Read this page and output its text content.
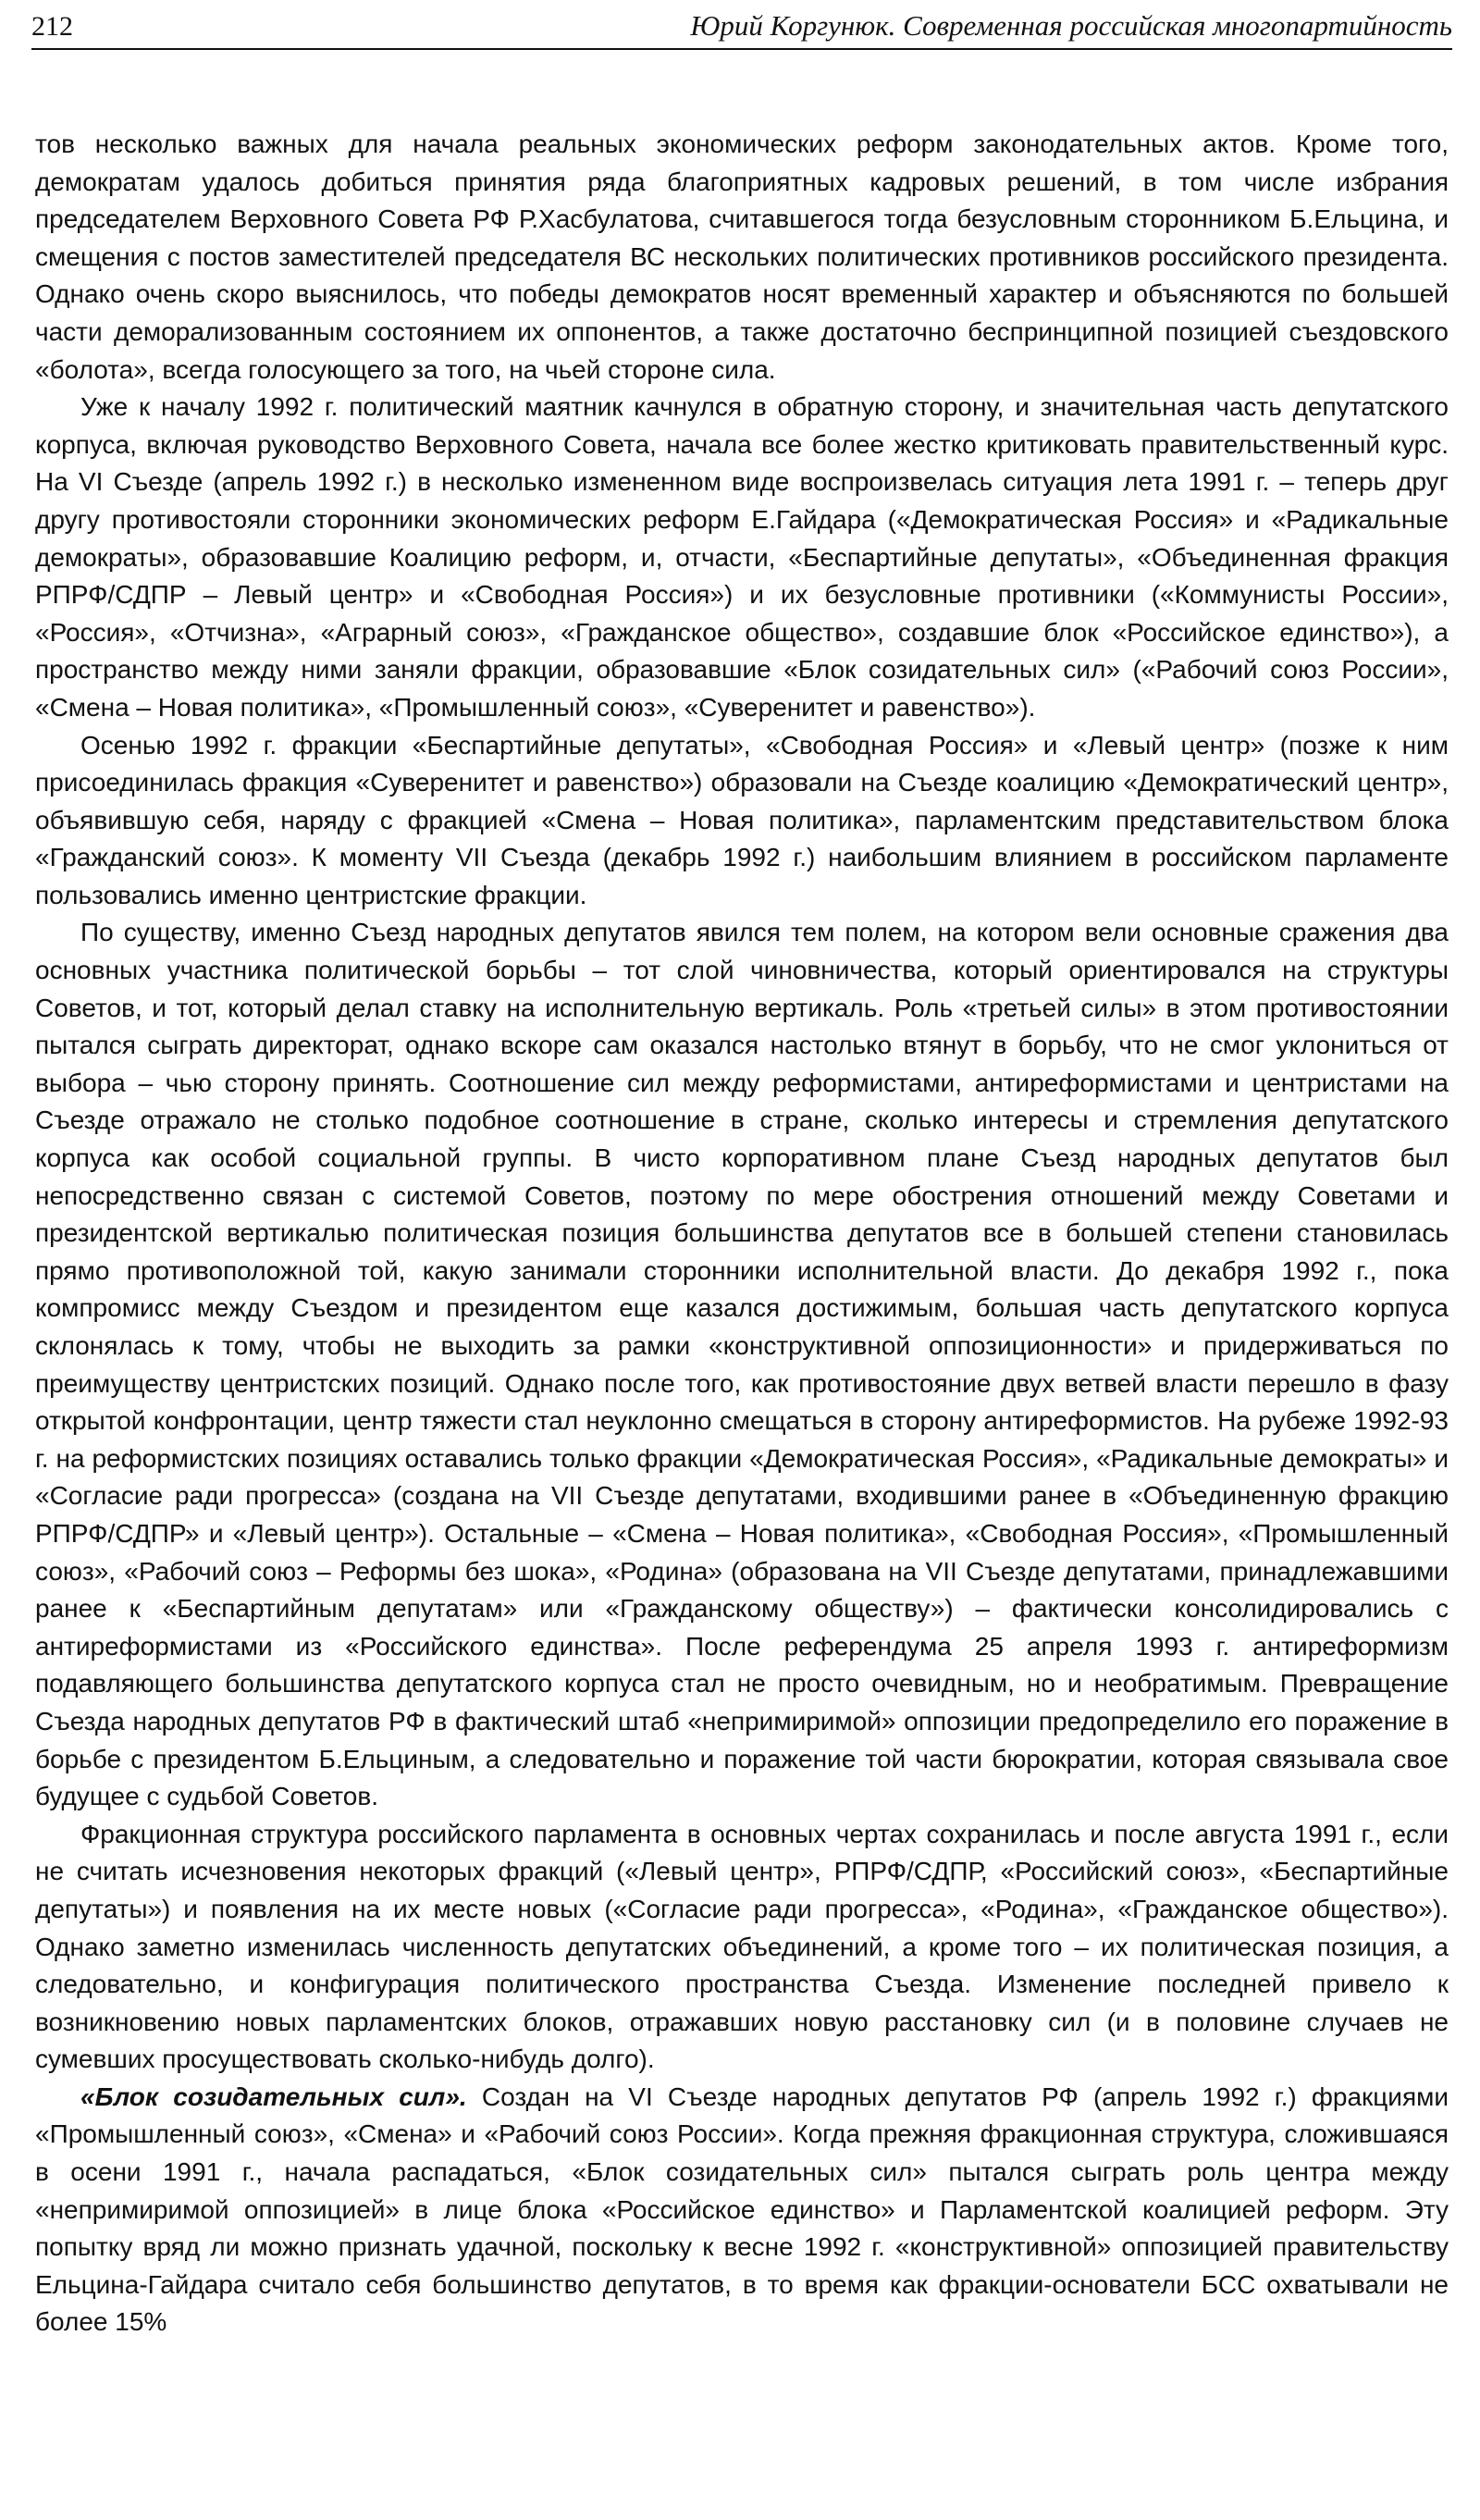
212	Юрий Коргунюк. Современная российская многопартийность

тов несколько важных для начала реальных экономических реформ законодательных актов. Кроме того, демократам удалось добиться принятия ряда благоприятных кадровых решений, в том числе избрания председателем Верховного Совета РФ Р.Хасбулатова, считавшегося тогда безусловным сторонником Б.Ельцина, и смещения с постов заместителей председателя ВС нескольких политических противников российского президента. Однако очень скоро выяснилось, что победы демократов носят временный характер и объясняются по большей части деморализованным состоянием их оппонентов, а также достаточно беспринципной позицией съездовского «болота», всегда голосующего за того, на чьей стороне сила.

Уже к началу 1992 г. политический маятник качнулся в обратную сторону, и значительная часть депутатского корпуса, включая руководство Верховного Совета, начала все более жестко критиковать правительственный курс. На VI Съезде (апрель 1992 г.) в несколько измененном виде воспроизвелась ситуация лета 1991 г. – теперь друг другу противостояли сторонники экономических реформ Е.Гайдара («Демократическая Россия» и «Радикальные демократы», образовавшие Коалицию реформ, и, отчасти, «Беспартийные депутаты», «Объединенная фракция РПРФ/СДПР – Левый центр» и «Свободная Россия») и их безусловные противники («Коммунисты России», «Россия», «Отчизна», «Аграрный союз», «Гражданское общество», создавшие блок «Российское единство»), а пространство между ними заняли фракции, образовавшие «Блок созидательных сил» («Рабочий союз России», «Смена – Новая политика», «Промышленный союз», «Суверенитет и равенство»).

Осенью 1992 г. фракции «Беспартийные депутаты», «Свободная Россия» и «Левый центр» (позже к ним присоединилась фракция «Суверенитет и равенство») образовали на Съезде коалицию «Демократический центр», объявившую себя, наряду с фракцией «Смена – Новая политика», парламентским представительством блока «Гражданский союз». К моменту VII Съезда (декабрь 1992 г.) наибольшим влиянием в российском парламенте пользовались именно центристские фракции.

По существу, именно Съезд народных депутатов явился тем полем, на котором вели основные сражения два основных участника политической борьбы – тот слой чиновничества, который ориентировался на структуры Советов, и тот, который делал ставку на исполнительную вертикаль. Роль «третьей силы» в этом противостоянии пытался сыграть директорат, однако вскоре сам оказался настолько втянут в борьбу, что не смог уклониться от выбора – чью сторону принять. Соотношение сил между реформистами, антиреформистами и центристами на Съезде отражало не столько подобное соотношение в стране, сколько интересы и стремления депутатского корпуса как особой социальной группы. В чисто корпоративном плане Съезд народных депутатов был непосредственно связан с системой Советов, поэтому по мере обострения отношений между Советами и президентской вертикалью политическая позиция большинства депутатов все в большей степени становилась прямо противоположной той, какую занимали сторонники исполнительной власти. До декабря 1992 г., пока компромисс между Съездом и президентом еще казался достижимым, большая часть депутатского корпуса склонялась к тому, чтобы не выходить за рамки «конструктивной оппозиционности» и придерживаться по преимуществу центристских позиций. Однако после того, как противостояние двух ветвей власти перешло в фазу открытой конфронтации, центр тяжести стал неуклонно смещаться в сторону антиреформистов. На рубеже 1992-93 г. на реформистских позициях оставались только фракции «Демократическая Россия», «Радикальные демократы» и «Согласие ради прогресса» (создана на VII Съезде депутатами, входившими ранее в «Объединенную фракцию РПРФ/СДПР» и «Левый центр»). Остальные – «Смена – Новая политика», «Свободная Россия», «Промышленный союз», «Рабочий союз – Реформы без шока», «Родина» (образована на VII Съезде депутатами, принадлежавшими ранее к «Беспартийным депутатам» или «Гражданскому обществу») – фактически консолидировались с антиреформистами из «Российского единства». После референдума 25 апреля 1993 г. антиреформизм подавляющего большинства депутатского корпуса стал не просто очевидным, но и необратимым. Превращение Съезда народных депутатов РФ в фактический штаб «непримиримой» оппозиции предопределило его поражение в борьбе с президентом Б.Ельциным, а следовательно и поражение той части бюрократии, которая связывала свое будущее с судьбой Советов.

Фракционная структура российского парламента в основных чертах сохранилась и после августа 1991 г., если не считать исчезновения некоторых фракций («Левый центр», РПРФ/СДПР, «Российский союз», «Беспартийные депутаты») и появления на их месте новых («Согласие ради прогресса», «Родина», «Гражданское общество»). Однако заметно изменилась численность депутатских объединений, а кроме того – их политическая позиция, а следовательно, и конфигурация политического пространства Съезда. Изменение последней привело к возникновению новых парламентских блоков, отражавших новую расстановку сил (и в половине случаев не сумевших просуществовать сколько-нибудь долго).

«Блок созидательных сил». Создан на VI Съезде народных депутатов РФ (апрель 1992 г.) фракциями «Промышленный союз», «Смена» и «Рабочий союз России». Когда прежняя фракционная структура, сложившаяся в осени 1991 г., начала распадаться, «Блок созидательных сил» пытался сыграть роль центра между «непримиримой оппозицией» в лице блока «Российское единство» и Парламентской коалицией реформ. Эту попытку вряд ли можно признать удачной, поскольку к весне 1992 г. «конструктивной» оппозицией правительству Ельцина-Гайдара считало себя большинство депутатов, в то время как фракции-основатели БСС охватывали не более 15%
